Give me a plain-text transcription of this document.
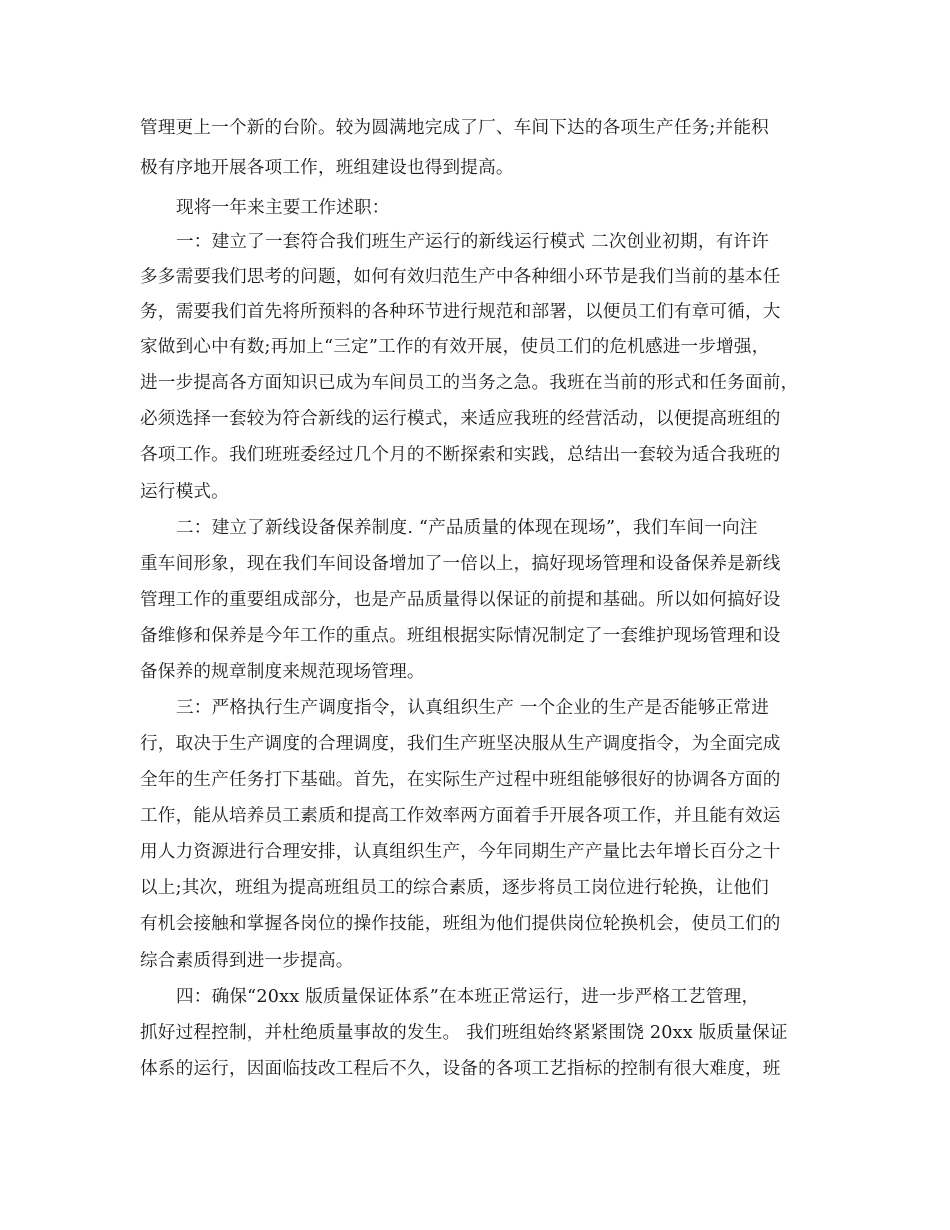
管理更上一个新的台阶。较为圆满地完成了厂、车间下达的各项生产任务;并能积
极有序地开展各项工作，班组建设也得到提高。
现将一年来主要工作述职：
一：建立了一套符合我们班生产运行的新线运行模式 二次创业初期，有许许
多多需要我们思考的问题，如何有效归范生产中各种细小环节是我们当前的基本任
务，需要我们首先将所预料的各种环节进行规范和部署，以便员工们有章可循，大
家做到心中有数;再加上“三定”工作的有效开展，使员工们的危机感进一步增强，
进一步提高各方面知识已成为车间员工的当务之急。我班在当前的形式和任务面前，
必须选择一套较为符合新线的运行模式，来适应我班的经营活动，以便提高班组的
各项工作。我们班班委经过几个月的不断探索和实践，总结出一套较为适合我班的
运行模式。
二：建立了新线设备保养制度. “产品质量的体现在现场”，我们车间一向注
重车间形象，现在我们车间设备增加了一倍以上，搞好现场管理和设备保养是新线
管理工作的重要组成部分，也是产品质量得以保证的前提和基础。所以如何搞好设
备维修和保养是今年工作的重点。班组根据实际情况制定了一套维护现场管理和设
备保养的规章制度来规范现场管理。
三：严格执行生产调度指令，认真组织生产 一个企业的生产是否能够正常进
行，取决于生产调度的合理调度，我们生产班坚决服从生产调度指令，为全面完成
全年的生产任务打下基础。首先，在实际生产过程中班组能够很好的协调各方面的
工作，能从培养员工素质和提高工作效率两方面着手开展各项工作，并且能有效运
用人力资源进行合理安排，认真组织生产，今年同期生产产量比去年增长百分之十
以上;其次，班组为提高班组员工的综合素质，逐步将员工岗位进行轮换，让他们
有机会接触和掌握各岗位的操作技能，班组为他们提供岗位轮换机会，使员工们的
综合素质得到进一步提高。
四：确保“20xx 版质量保证体系”在本班正常运行，进一步严格工艺管理，
抓好过程控制，并杜绝质量事故的发生。 我们班组始终紧紧围饶 20xx 版质量保证
体系的运行，因面临技改工程后不久，设备的各项工艺指标的控制有很大难度，班
